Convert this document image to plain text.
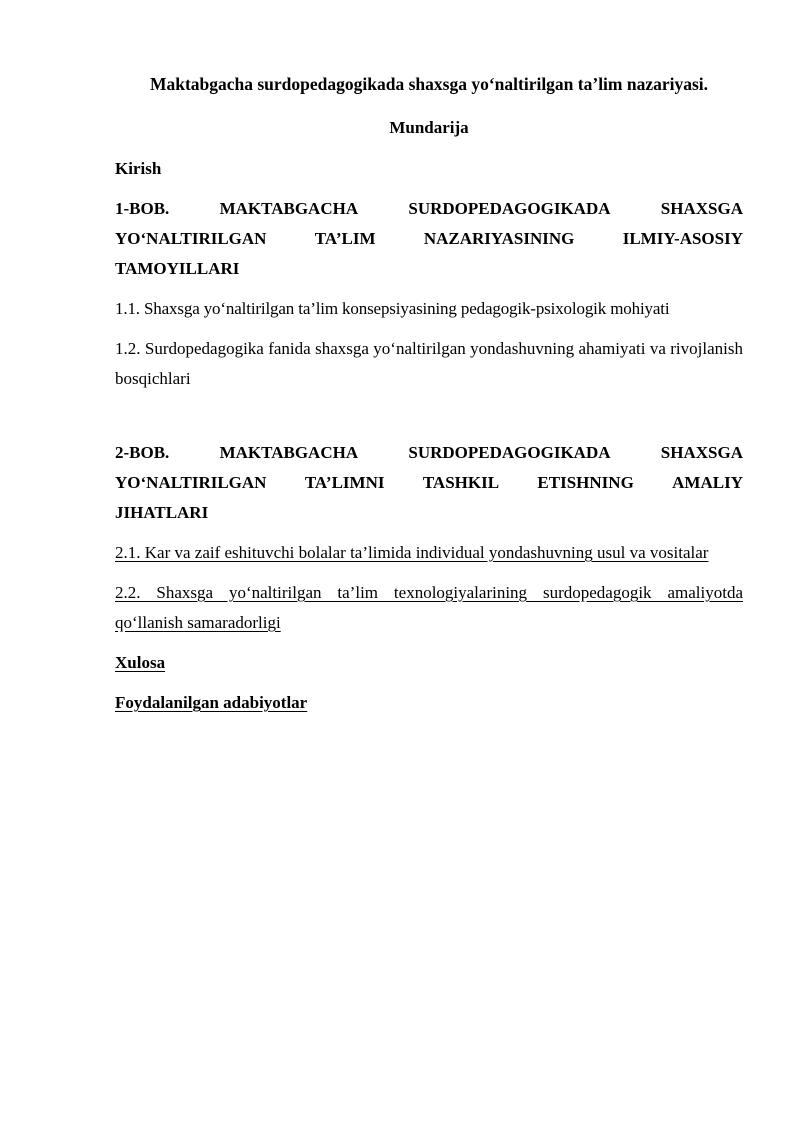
Maktabgacha surdopedagogikada shaxsga yo‘naltirilgan ta’lim nazariyasi.
Mundarija
Kirish
1-BOB.	MAKTABGACHA	SURDOPEDAGOGIKADA	SHAXSGA
YO‘NALTIRILGAN	TA’LIM	NAZARIYASINING	ILMIY-ASOSIY
TAMOYILLARI
1.1. Shaxsga yo‘naltirilgan ta’lim konsepsiyasining pedagogik-psixologik mohiyati
1.2. Surdopedagogika fanida shaxsga yo‘naltirilgan yondashuvning ahamiyati va rivojlanish bosqichlari
2-BOB.	MAKTABGACHA	SURDOPEDAGOGIKADA	SHAXSGA
YO‘NALTIRILGAN TA’LIMNI TASHKIL ETISHNING AMALIY
JIHATLARI
2.1. Kar va zaif eshituvchi bolalar ta’limida individual yondashuvning usul va vositalar
2.2. Shaxsga yo‘naltirilgan ta’lim texnologiyalarining surdopedagogik amaliyotda qo‘llanish samaradorligi
Xulosa
Foydalanilgan adabiyotlar
